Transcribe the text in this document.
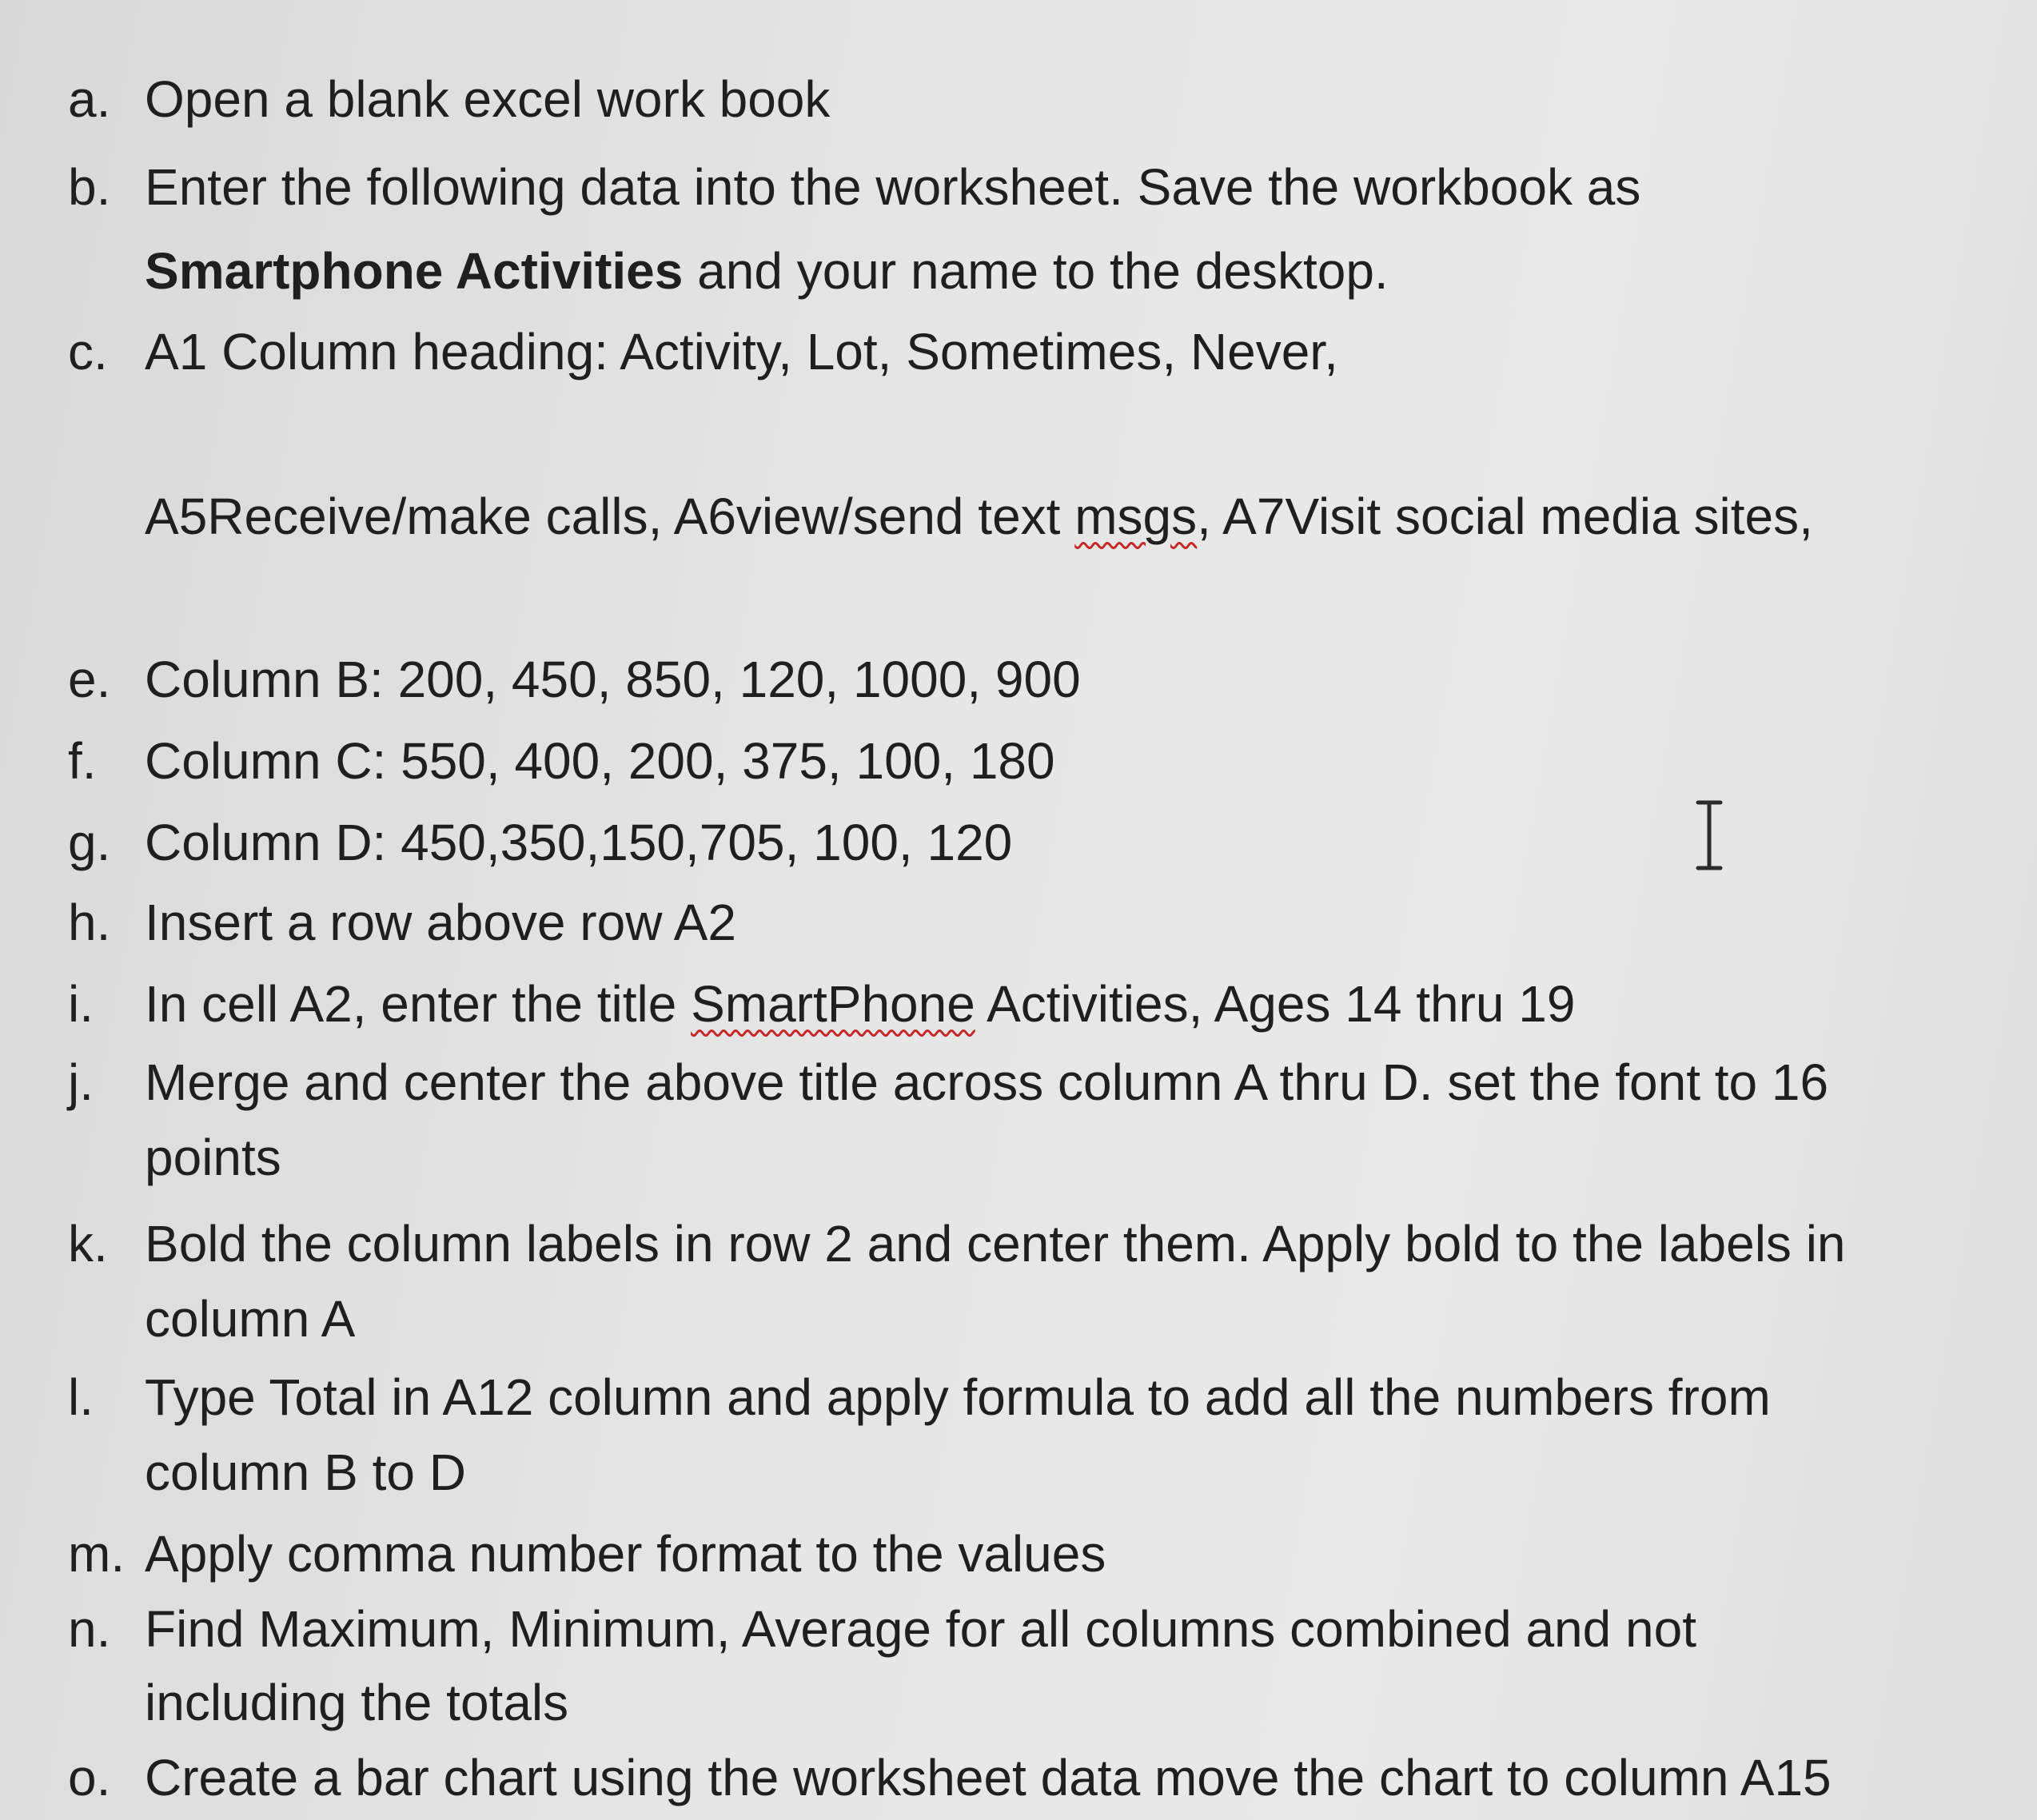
a. Open a blank excel work book
b. Enter the following data into the worksheet. Save the workbook as
Smartphone Activities and your name to the desktop.
c. A1 Column heading: Activity, Lot, Sometimes, Never,
A5Receive/make calls, A6view/send text msgs, A7Visit social media sites,
e. Column B: 200, 450, 850, 120, 1000, 900
f. Column C: 550, 400, 200, 375, 100, 180
g. Column D: 450,350,150,705, 100, 120
h. Insert a row above row A2
i. In cell A2, enter the title SmartPhone Activities, Ages 14 thru 19
j. Merge and center the above title across column A thru D. set the font to 16
points
k. Bold the column labels in row 2 and center them. Apply bold to the labels in
column A
l. Type Total in A12 column and apply formula to add all the numbers from
column B to D
m. Apply comma number format to the values
n. Find Maximum, Minimum, Average for all columns combined and not
including the totals
o. Create a bar chart using the worksheet data move the chart to column A15
